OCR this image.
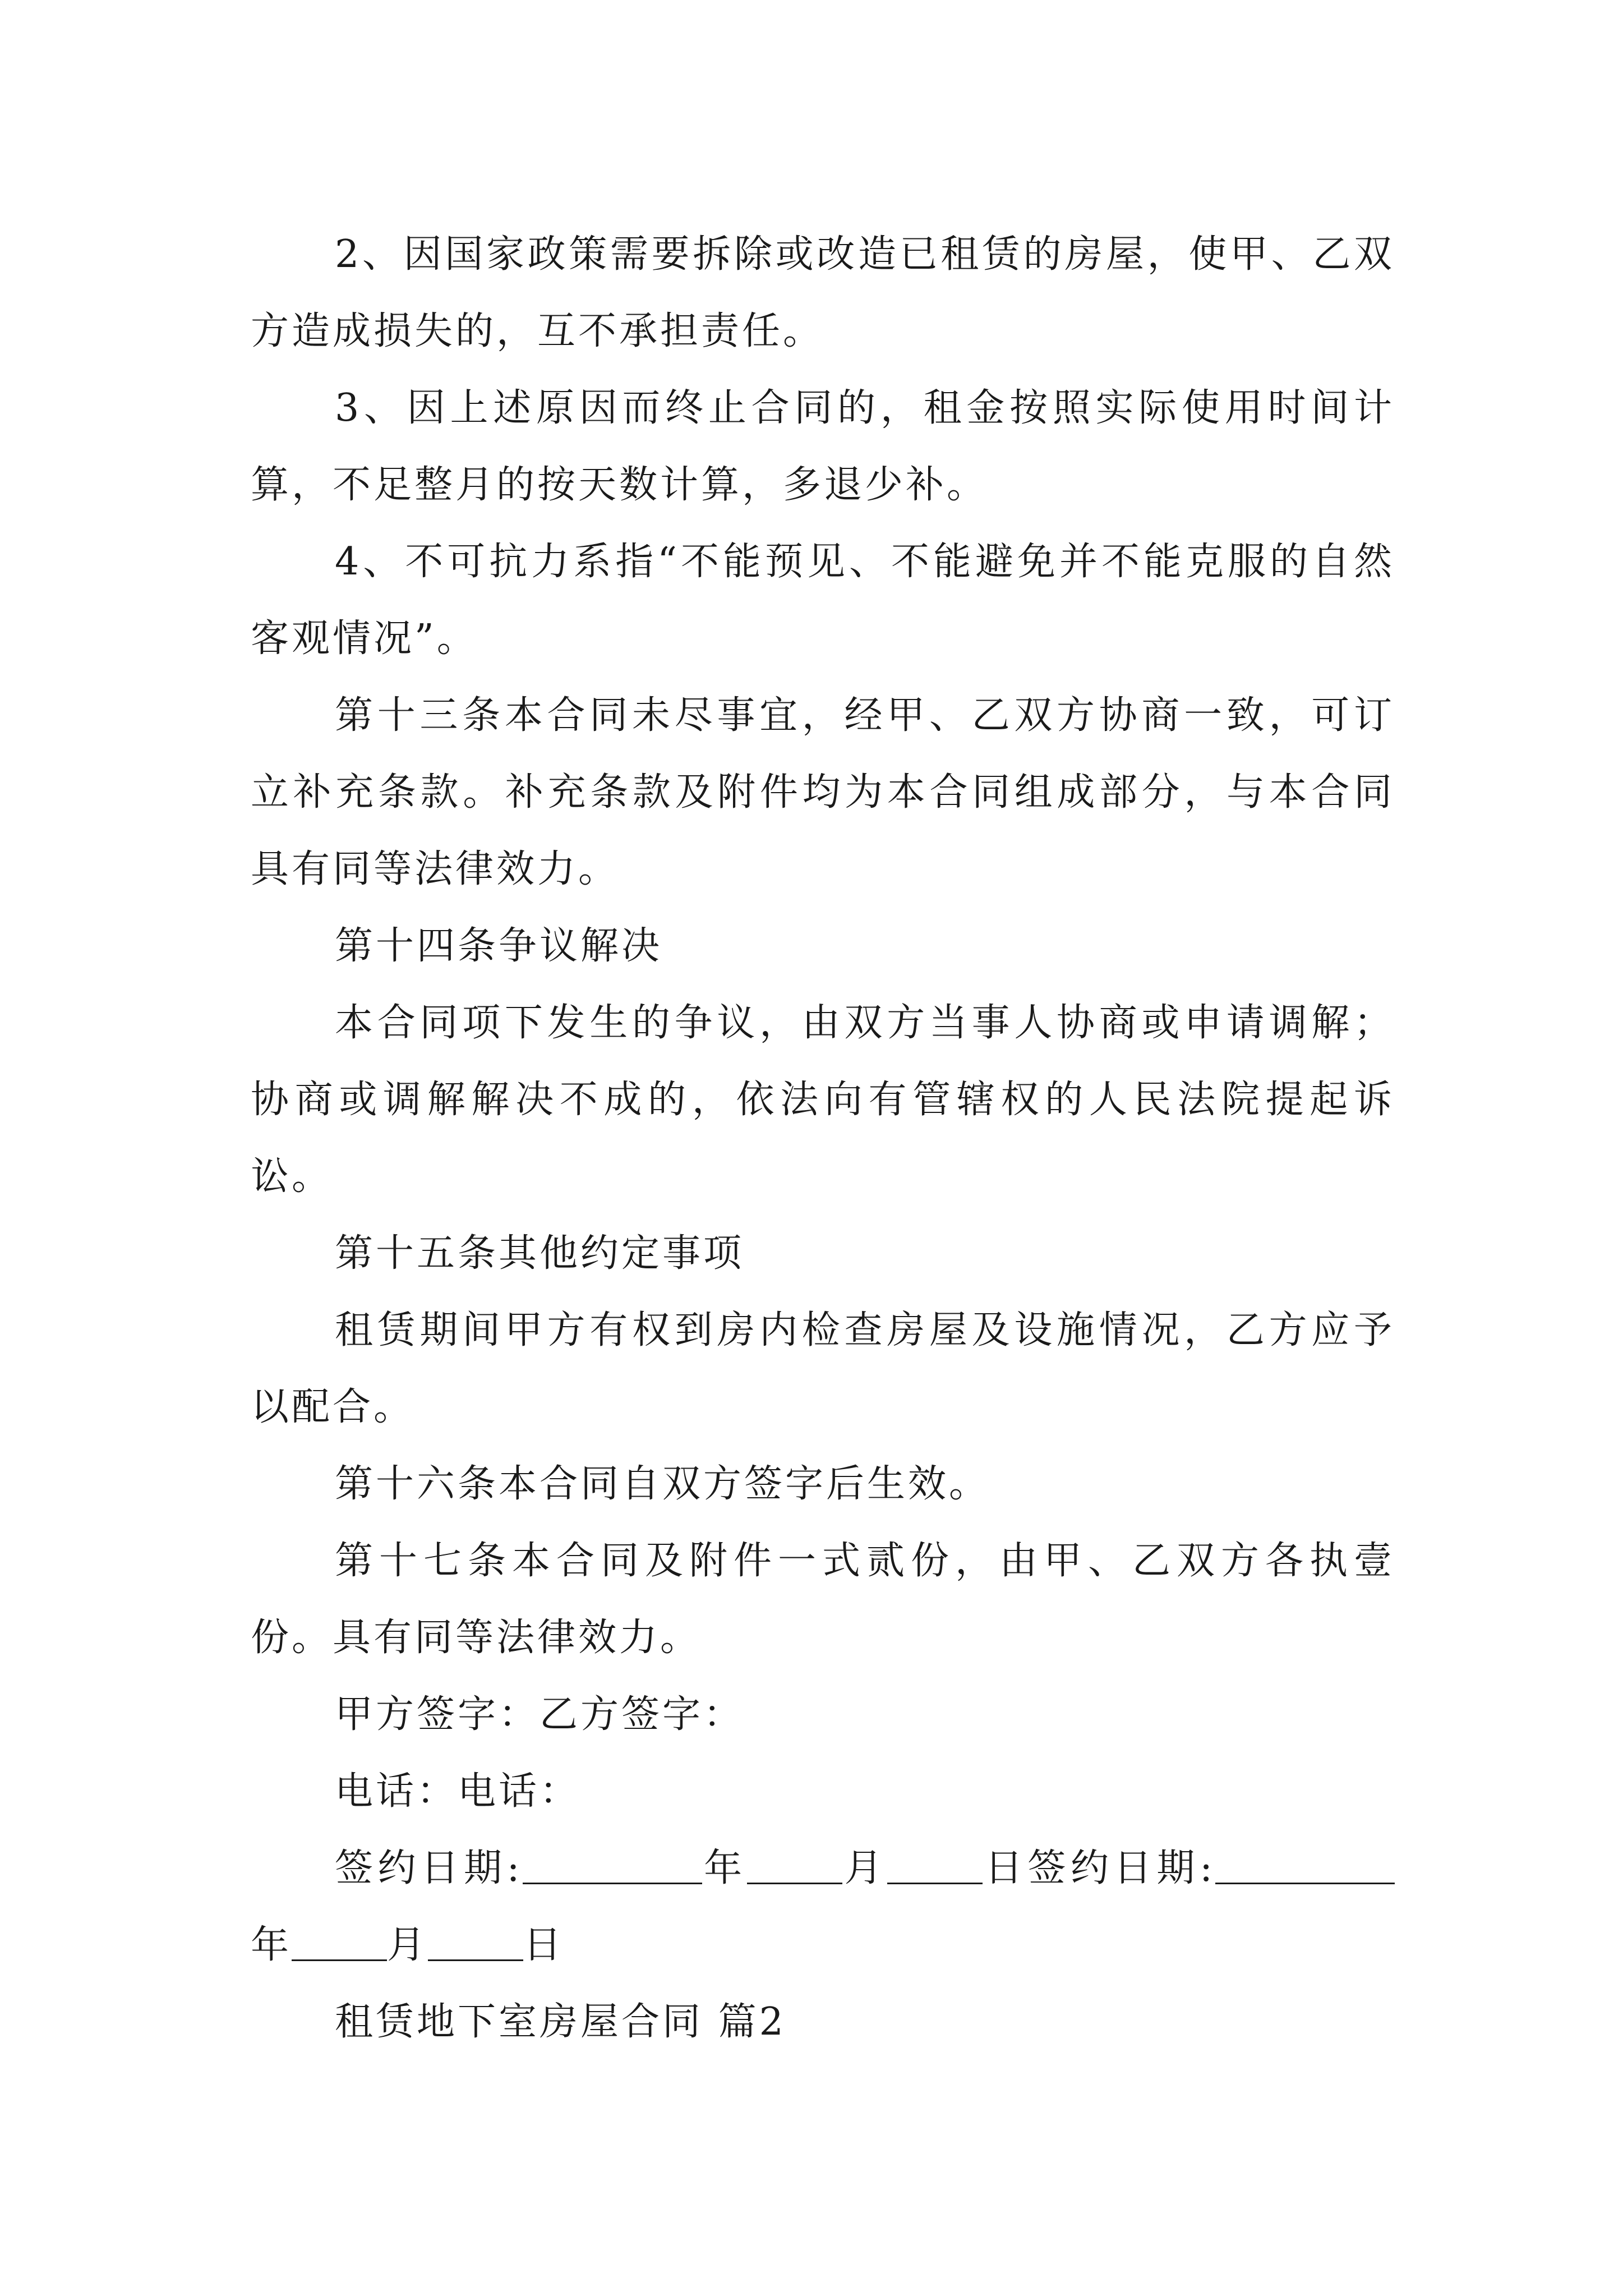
2、因国家政策需要拆除或改造已租赁的房屋，使甲、乙双方造成损失的，互不承担责任。

3、因上述原因而终止合同的，租金按照实际使用时间计算，不足整月的按天数计算，多退少补。

4、不可抗力系指“不能预见、不能避免并不能克服的自然客观情况”。

第十三条本合同未尽事宜，经甲、乙双方协商一致，可订立补充条款。补充条款及附件均为本合同组成部分，与本合同具有同等法律效力。

第十四条争议解决

本合同项下发生的争议，由双方当事人协商或申请调解；协商或调解解决不成的，依法向有管辖权的人民法院提起诉讼。

第十五条其他约定事项

租赁期间甲方有权到房内检查房屋及设施情况，乙方应予以配合。

第十六条本合同自双方签字后生效。

第十七条本合同及附件一式贰份，由甲、乙双方各执壹份。具有同等法律效力。

甲方签字：乙方签字：

电话：电话：

签约日期:	年	月	日签约日期:年	月	日

租赁地下室房屋合同 篇2
